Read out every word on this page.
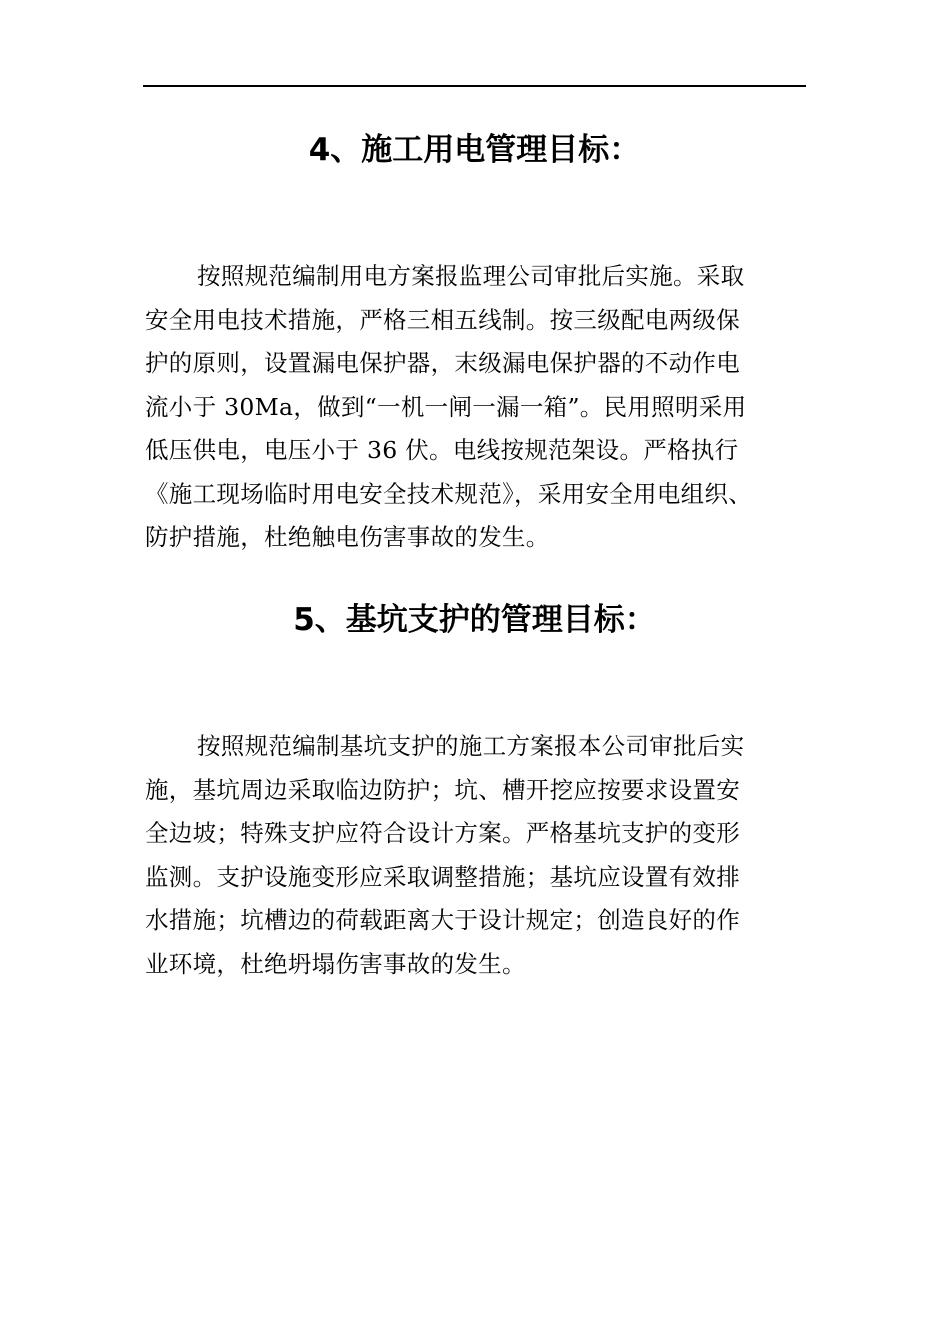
4、施工用电管理目标：

按照规范编制用电方案报监理公司审批后实施。采取
安全用电技术措施，严格三相五线制。按三级配电两级保
护的原则，设置漏电保护器，末级漏电保护器的不动作电
流小于 30Ma，做到“一机一闸一漏一箱”。民用照明采用
低压供电，电压小于 36 伏。电线按规范架设。严格执行
《施工现场临时用电安全技术规范》，采用安全用电组织、
防护措施，杜绝触电伤害事故的发生。

5、基坑支护的管理目标：

按照规范编制基坑支护的施工方案报本公司审批后实
施，基坑周边采取临边防护；坑、槽开挖应按要求设置安
全边坡；特殊支护应符合设计方案。严格基坑支护的变形
监测。支护设施变形应采取调整措施；基坑应设置有效排
水措施；坑槽边的荷载距离大于设计规定；创造良好的作
业环境，杜绝坍塌伤害事故的发生。
